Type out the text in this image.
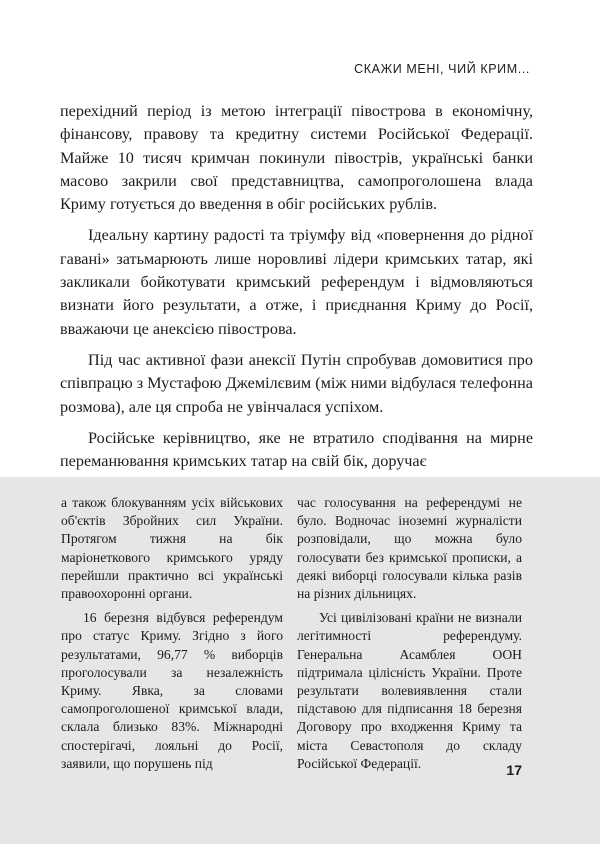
СКАЖИ МЕНІ, ЧИЙ КРИМ...

перехідний період із метою інтеграції півострова в економічну, фінансову, правову та кредитну системи Російської Федерації. Майже 10 тисяч кримчан покинули півострів, українські банки масово закрили свої представництва, самопроголошена влада Криму готується до введення в обіг російських рублів.

Ідеальну картину радості та тріумфу від «повернення до рідної гавані» затьмарюють лише норовливі лідери кримських татар, які закликали бойкотувати кримський референдум і відмовляються визнати його результати, а отже, і приєднання Криму до Росії, вважаючи це анексією півострова.

Під час активної фази анексії Путін спробував домовитися про співпрацю з Мустафою Джемілєвим (між ними відбулася телефонна розмова), але ця спроба не увінчалася успіхом.

Російське керівництво, яке не втратило сподівання на мирне переманювання кримських татар на свій бік, доручає

а також блокуванням усіх військових об'єктів Збройних сил України. Протягом тижня на бік маріонеткового кримського уряду перейшли практично всі українські правоохоронні органи.

16 березня відбувся референдум про статус Криму. Згідно з його результатами, 96,77 % виборців проголосували за незалежність Криму. Явка, за словами самопроголошеної кримської влади, склала близько 83%. Міжнародні спостерігачі, лояльні до Росії, заявили, що порушень під

час голосування на референдумі не було. Водночас іноземні журналісти розповідали, що можна було голосувати без кримської прописки, а деякі виборці голосували кілька разів на різних дільницях.

Усі цивілізовані країни не визнали легітимності референдуму. Генеральна Асамблея ООН підтримала цілісність України. Проте результати волевиявлення стали підставою для підписання 18 березня Договору про входження Криму та міста Севастополя до складу Російської Федерації.	17
